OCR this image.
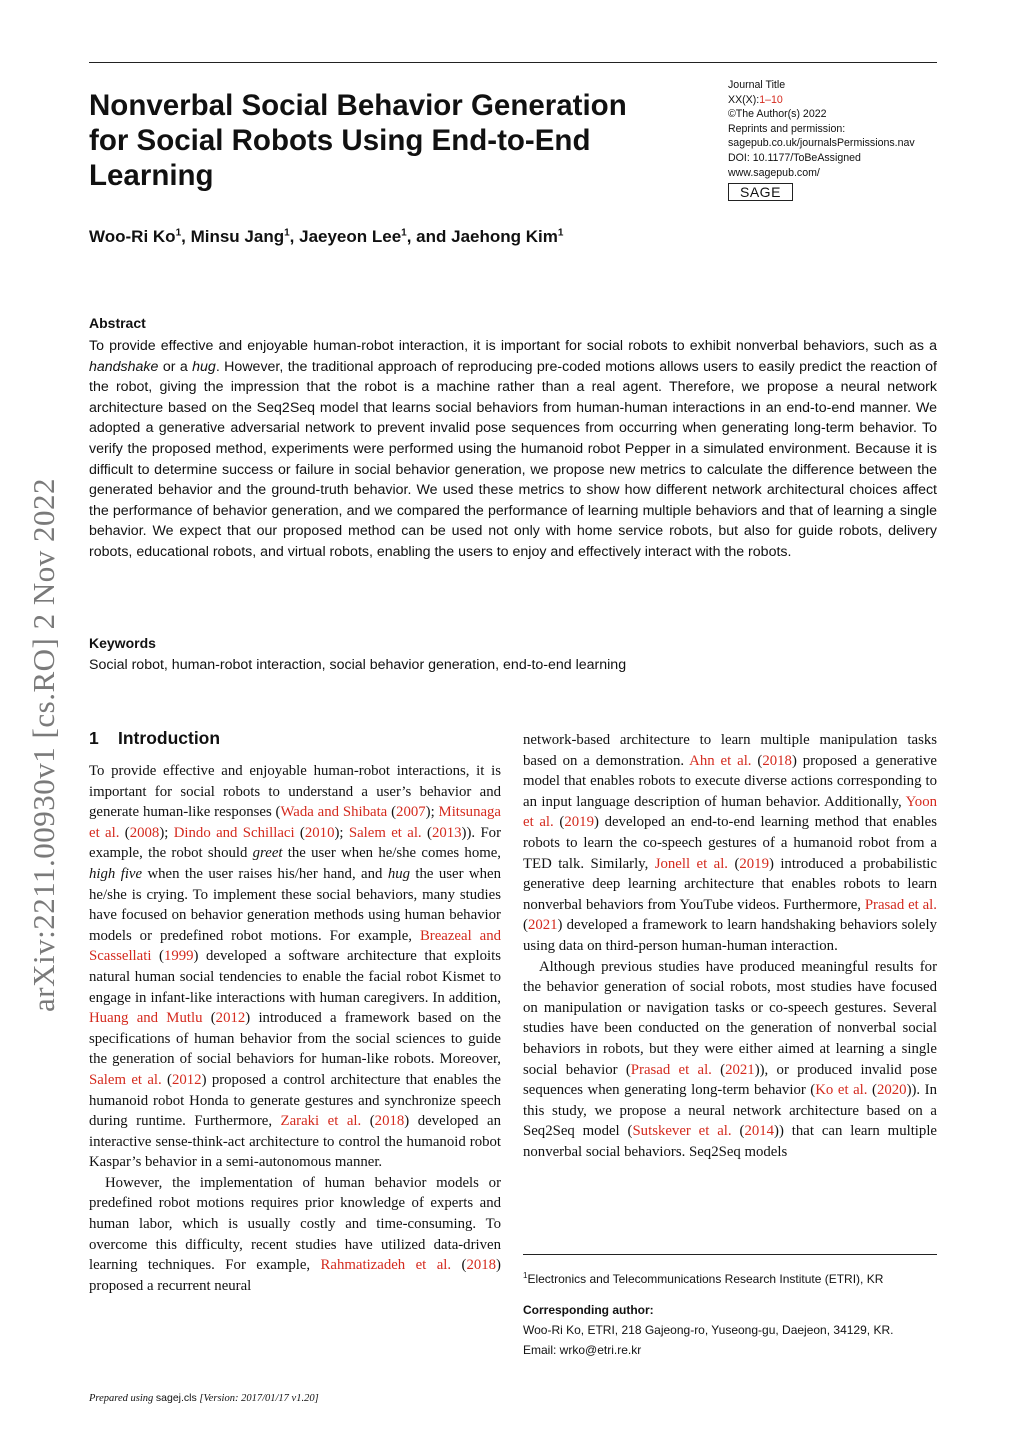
arXiv:2211.00930v1 [cs.RO] 2 Nov 2022
Nonverbal Social Behavior Generation for Social Robots Using End-to-End Learning
Journal Title
XX(X):1–10
©The Author(s) 2022
Reprints and permission:
sagepub.co.uk/journalsPermissions.nav
DOI: 10.1177/ToBeAssigned
www.sagepub.com/
SAGE
Woo-Ri Ko$^1$, Minsu Jang$^1$, Jaeyeon Lee$^1$, and Jaehong Kim$^1$
Abstract

To provide effective and enjoyable human-robot interaction, it is important for social robots to exhibit nonverbal behaviors, such as a handshake or a hug. However, the traditional approach of reproducing pre-coded motions allows users to easily predict the reaction of the robot, giving the impression that the robot is a machine rather than a real agent. Therefore, we propose a neural network architecture based on the Seq2Seq model that learns social behaviors from human-human interactions in an end-to-end manner. We adopted a generative adversarial network to prevent invalid pose sequences from occurring when generating long-term behavior. To verify the proposed method, experiments were performed using the humanoid robot Pepper in a simulated environment. Because it is difficult to determine success or failure in social behavior generation, we propose new metrics to calculate the difference between the generated behavior and the ground-truth behavior. We used these metrics to show how different network architectural choices affect the performance of behavior generation, and we compared the performance of learning multiple behaviors and that of learning a single behavior. We expect that our proposed method can be used not only with home service robots, but also for guide robots, delivery robots, educational robots, and virtual robots, enabling the users to enjoy and effectively interact with the robots.

Keywords
Social robot, human-robot interaction, social behavior generation, end-to-end learning
1 Introduction

To provide effective and enjoyable human-robot interactions, it is important for social robots to understand a user’s behavior and generate human-like responses (Wada and Shibata (2007); Mitsunaga et al. (2008); Dindo and Schillaci (2010); Salem et al. (2013)). For example, the robot should greet the user when he/she comes home, high five when the user raises his/her hand, and hug the user when he/she is crying. To implement these social behaviors, many studies have focused on behavior generation methods using human behavior models or predefined robot motions. For example, Breazeal and Scassellati (1999) developed a software architecture that exploits natural human social tendencies to enable the facial robot Kismet to engage in infant-like interactions with human caregivers. In addition, Huang and Mutlu (2012) introduced a framework based on the specifications of human behavior from the social sciences to guide the generation of social behaviors for human-like robots. Moreover, Salem et al. (2012) proposed a control architecture that enables the humanoid robot Honda to generate gestures and synchronize speech during runtime. Furthermore, Zaraki et al. (2018) developed an interactive sense-think-act architecture to control the humanoid robot Kaspar’s behavior in a semi-autonomous manner.

However, the implementation of human behavior models or predefined robot motions requires prior knowledge of experts and human labor, which is usually costly and time-consuming. To overcome this difficulty, recent studies have utilized data-driven learning techniques. For example, Rahmatizadeh et al. (2018) proposed a recurrent neural

network-based architecture to learn multiple manipulation tasks based on a demonstration. Ahn et al. (2018) proposed a generative model that enables robots to execute diverse actions corresponding to an input language description of human behavior. Additionally, Yoon et al. (2019) developed an end-to-end learning method that enables robots to learn the co-speech gestures of a humanoid robot from a TED talk. Similarly, Jonell et al. (2019) introduced a probabilistic generative deep learning architecture that enables robots to learn nonverbal behaviors from YouTube videos. Furthermore, Prasad et al. (2021) developed a framework to learn handshaking behaviors solely using data on third-person human-human interaction.

Although previous studies have produced meaningful results for the behavior generation of social robots, most studies have focused on manipulation or navigation tasks or co-speech gestures. Several studies have been conducted on the generation of nonverbal social behaviors in robots, but they were either aimed at learning a single social behavior (Prasad et al. (2021)), or produced invalid pose sequences when generating long-term behavior (Ko et al. (2020)). In this study, we propose a neural network architecture based on a Seq2Seq model (Sutskever et al. (2014)) that can learn multiple nonverbal social behaviors. Seq2Seq models

$^1$Electronics and Telecommunications Research Institute (ETRI), KR
Corresponding author:
Woo-Ri Ko, ETRI, 218 Gajeong-ro, Yuseong-gu, Daejeon, 34129, KR.
Email: wrko@etri.re.kr
Prepared using sagej.cls [Version: 2017/01/17 v1.20]
